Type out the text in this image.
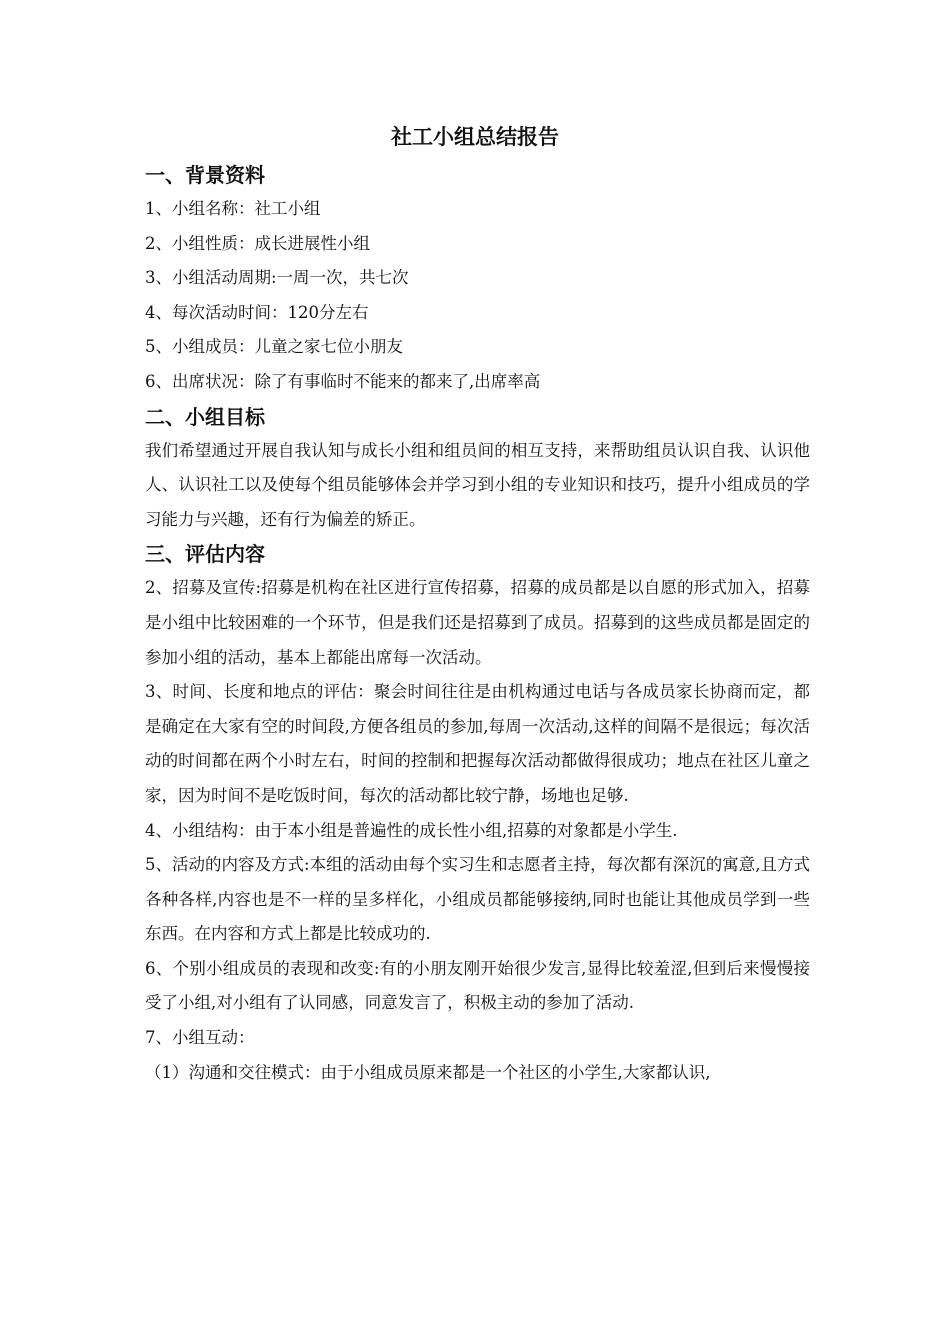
社工小组总结报告
一、背景资料

1、小组名称：社工小组

2、小组性质：成长进展性小组

3、小组活动周期:一周一次，共七次

4、每次活动时间：120分左右

5、小组成员：儿童之家七位小朋友

6、出席状况：除了有事临时不能来的都来了,出席率高

二、小组目标

我们希望通过开展自我认知与成长小组和组员间的相互支持，来帮助组员认识自我、认识他人、认识社工以及使每个组员能够体会并学习到小组的专业知识和技巧，提升小组成员的学习能力与兴趣，还有行为偏差的矫正。

三、评估内容

2、招募及宣传:招募是机构在社区进行宣传招募，招募的成员都是以自愿的形式加入，招募是小组中比较困难的一个环节，但是我们还是招募到了成员。招募到的这些成员都是固定的参加小组的活动，基本上都能出席每一次活动。

3、时间、长度和地点的评估：聚会时间往往是由机构通过电话与各成员家长协商而定，都是确定在大家有空的时间段,方便各组员的参加,每周一次活动,这样的间隔不是很远；每次活动的时间都在两个小时左右，时间的控制和把握每次活动都做得很成功；地点在社区儿童之家，因为时间不是吃饭时间，每次的活动都比较宁静，场地也足够.

4、小组结构：由于本小组是普遍性的成长性小组,招募的对象都是小学生.

5、活动的内容及方式:本组的活动由每个实习生和志愿者主持，每次都有深沉的寓意,且方式各种各样,内容也是不一样的呈多样化，小组成员都能够接纳,同时也能让其他成员学到一些东西。在内容和方式上都是比较成功的.

6、个别小组成员的表现和改变:有的小朋友刚开始很少发言,显得比较羞涩,但到后来慢慢接受了小组,对小组有了认同感，同意发言了，积极主动的参加了活动.

7、小组互动：

（1）沟通和交往模式：由于小组成员原来都是一个社区的小学生,大家都认识,
